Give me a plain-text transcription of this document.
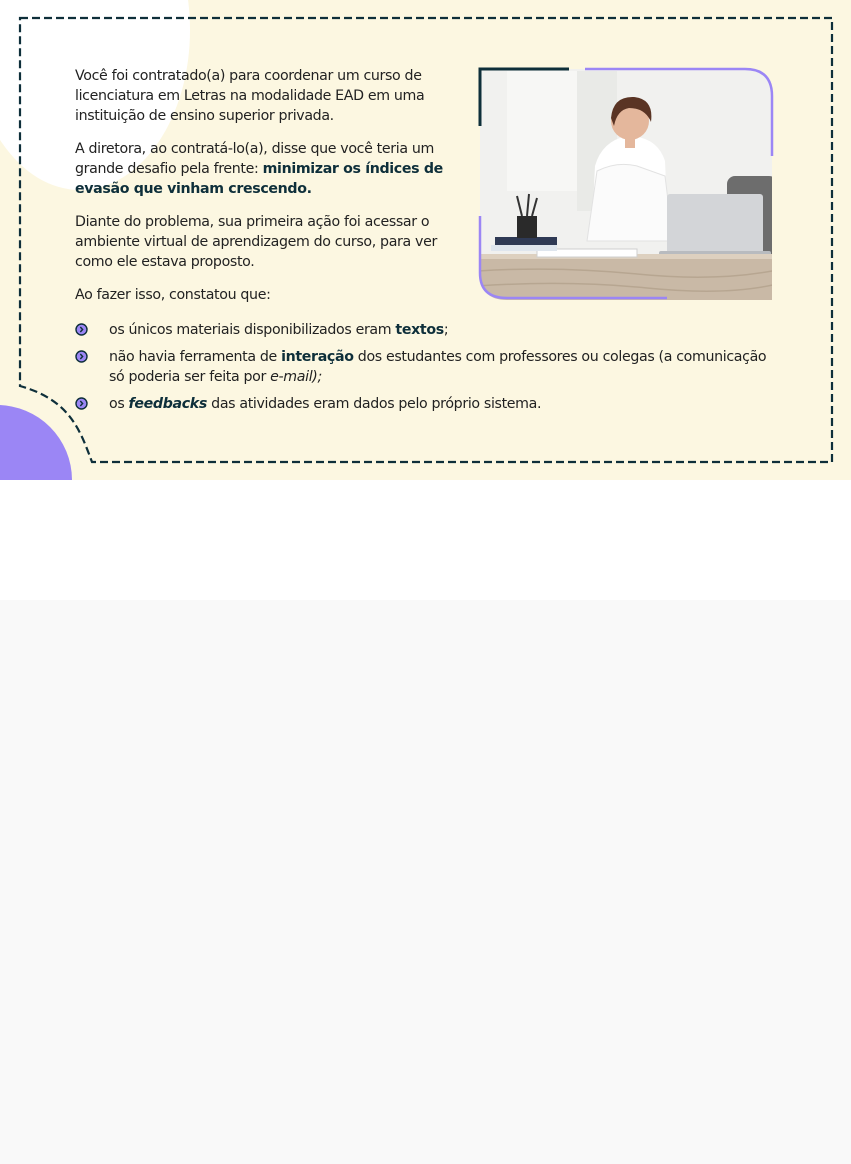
Você foi contratado(a) para coordenar um curso de licenciatura em Letras na modalidade EAD em uma instituição de ensino superior privada.

A diretora, ao contratá-lo(a), disse que você teria um grande desafio pela frente: minimizar os índices de evasão que vinham crescendo.

Diante do problema, sua primeira ação foi acessar o ambiente virtual de aprendizagem do curso, para ver como ele estava proposto.

Ao fazer isso, constatou que:

os únicos materiais disponibilizados eram textos;
não havia ferramenta de interação dos estudantes com professores ou colegas (a comunicação só poderia ser feita por e-mail);
os feedbacks das atividades eram dados pelo próprio sistema.
